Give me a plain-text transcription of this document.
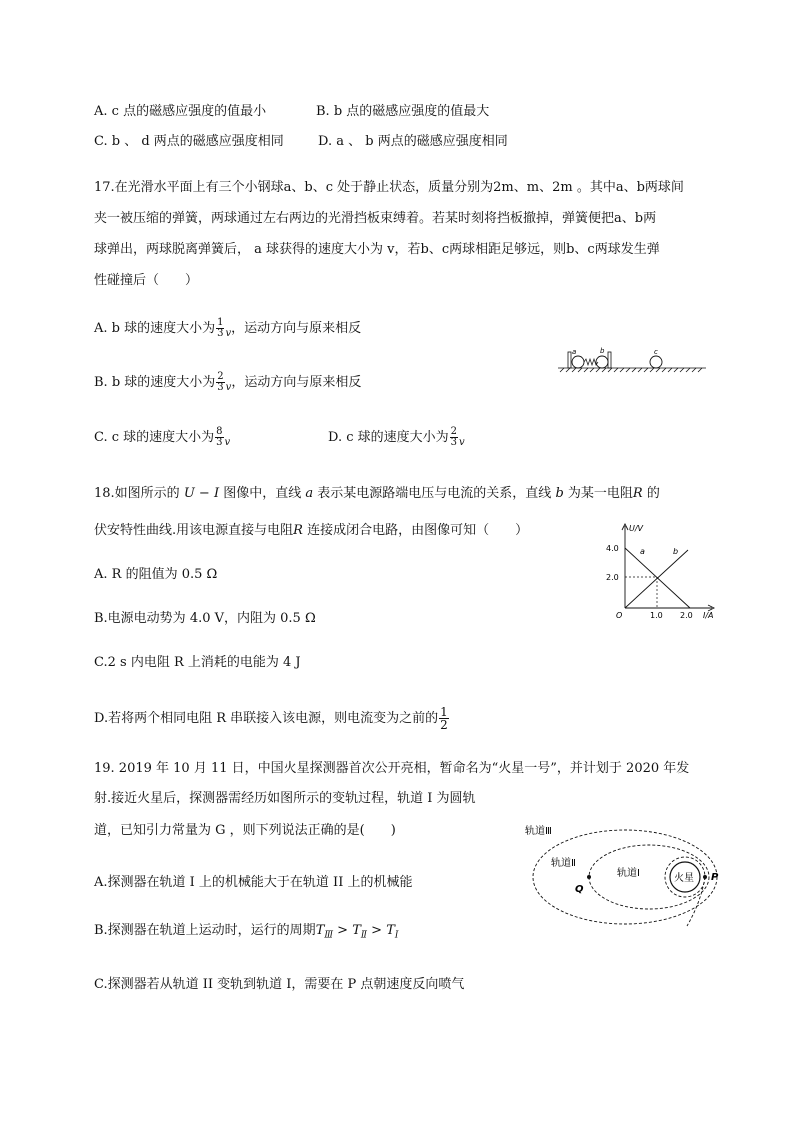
A. c 点的磁感应强度的值最小	B. b 点的磁感应强度的值最大
C. b 、 d 两点的磁感应强度相同	D. a 、 b 两点的磁感应强度相同
17.在光滑水平面上有三个小钢球a、b、c 处于静止状态，质量分别为2m、m、2m 。其中a、b两球间
夹一被压缩的弹簧，两球通过左右两边的光滑挡板束缚着。若某时刻将挡板撤掉，弹簧便把a、b两
球弹出，两球脱离弹簧后， a 球获得的速度大小为 v，若b、c两球相距足够远，则b、c两球发生弹
性碰撞后（　　）
A. b 球的速度大小为 $\frac{1}{3} _v$，运动方向与原来相反
B. b 球的速度大小为 $\frac{2}{3} _v$，运动方向与原来相反
C. c 球的速度大小为 $\frac{8}{3} _v$	D. c 球的速度大小为 $\frac{2}{3} _v$
a	b	c
18.如图所示的 U − I 图像中，直线 a 表示某电源路端电压与电流的关系，直线 b 为某一电阻R 的
伏安特性曲线.用该电源直接与电阻R 连接成闭合电路，由图像可知（　　）
A. R 的阻值为 0.5 Ω
B.电源电动势为 4.0 V，内阻为 0.5 Ω
C.2 s 内电阻 R 上消耗的电能为 4 J
D.若将两个相同电阻 R 串联接入该电源，则电流变为之前的 $\frac{1}{2}$
U/V
I/A
O
4.0
2.0
1.0 2.0
a	b
19. 2019 年 10 月 11 日，中国火星探测器首次公开亮相，暂命名为“火星一号”，并计划于 2020 年发
射.接近火星后，探测器需经历如图所示的变轨过程，轨道 I 为圆轨
道，已知引力常量为 G ，则下列说法正确的是(　　)
A.探测器在轨道 I 上的机械能大于在轨道 II 上的机械能
B.探测器在轨道上运动时，运行的周期$T_Ⅲ > T_Ⅱ > T_Ⅰ$
C.探测器若从轨道 II 变轨到轨道 I，需要在 P 点朝速度反向喷气
轨道Ⅲ
轨道Ⅱ
轨道Ⅰ	火星
Q
P
